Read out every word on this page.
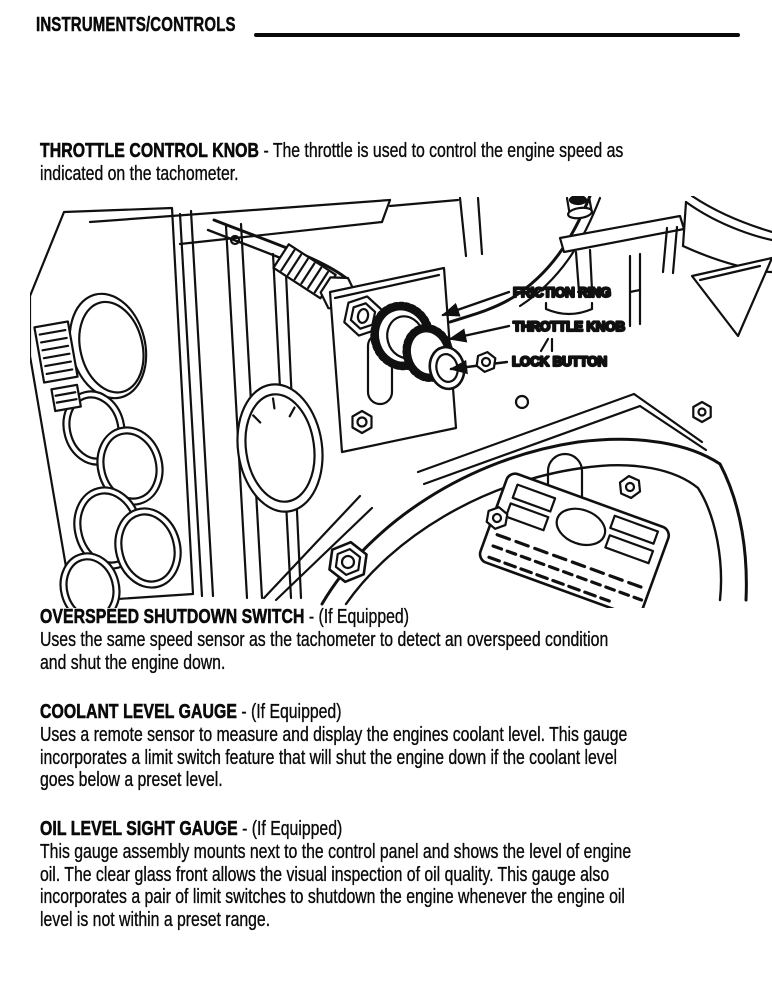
INSTRUMENTS/CONTROLS
THROTTLE CONTROL KNOB - The throttle is used to control the engine speed as
indicated on the tachometer.
FRICTION RING
THROTTLE KNOB
LOCK BUTTON
OVERSPEED SHUTDOWN SWITCH - (If Equipped)
Uses the same speed sensor as the tachometer to detect an overspeed condition
and shut the engine down.
COOLANT LEVEL GAUGE - (If Equipped)
Uses a remote sensor to measure and display the engines coolant level. This gauge
incorporates a limit switch feature that will shut the engine down if the coolant level
goes below a preset level.
OIL LEVEL SIGHT GAUGE - (If Equipped)
This gauge assembly mounts next to the control panel and shows the level of engine
oil. The clear glass front allows the visual inspection of oil quality. This gauge also
incorporates a pair of limit switches to shutdown the engine whenever the engine oil
level is not within a preset range.
